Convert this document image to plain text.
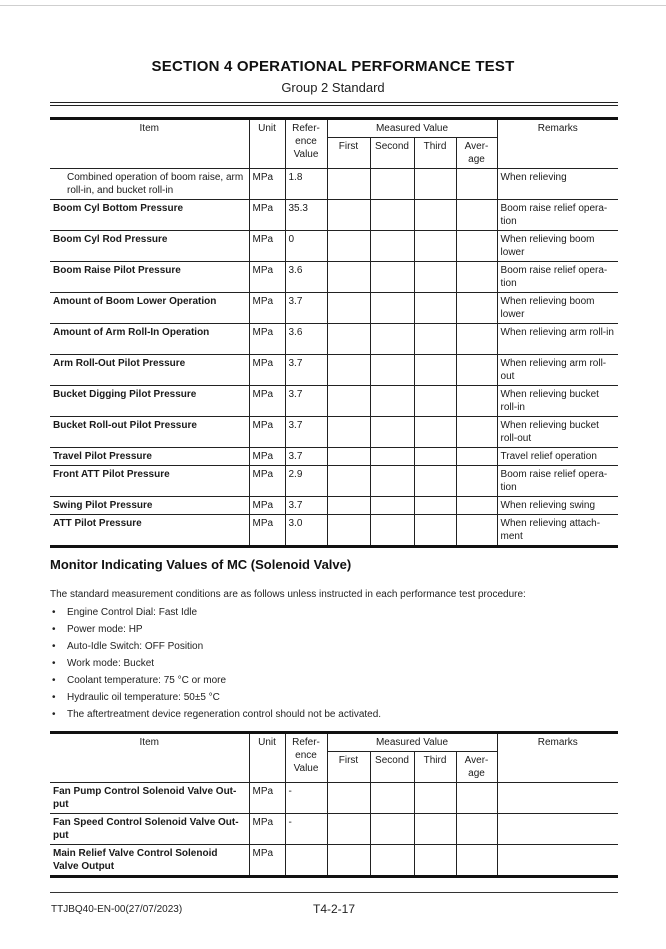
SECTION 4 OPERATIONAL PERFORMANCE TEST
Group 2 Standard
Item	Unit	Refer-ence Value	Measured Value				Remarks
			First	Second	Third	Aver-age	
Combined operation of boom raise, arm roll-in, and bucket roll-in	MPa	1.8					When relieving
Boom Cyl Bottom Pressure	MPa	35.3					Boom raise relief opera-tion
Boom Cyl Rod Pressure	MPa	0					When relieving boom lower
Boom Raise Pilot Pressure	MPa	3.6					Boom raise relief opera-tion
Amount of Boom Lower Operation	MPa	3.7					When relieving boom lower
Amount of Arm Roll-In Operation	MPa	3.6					When relieving arm roll-in
Arm Roll-Out Pilot Pressure	MPa	3.7					When relieving arm roll-out
Bucket Digging Pilot Pressure	MPa	3.7					When relieving bucket roll-in
Bucket Roll-out Pilot Pressure	MPa	3.7					When relieving bucket roll-out
Travel Pilot Pressure	MPa	3.7					Travel relief operation
Front ATT Pilot Pressure	MPa	2.9					Boom raise relief opera-tion
Swing Pilot Pressure	MPa	3.7					When relieving swing
ATT Pilot Pressure	MPa	3.0					When relieving attach-ment
Monitor Indicating Values of MC (Solenoid Valve)
The standard measurement conditions are as follows unless instructed in each performance test procedure:
• Engine Control Dial: Fast Idle
• Power mode: HP
• Auto-Idle Switch: OFF Position
• Work mode: Bucket
• Coolant temperature: 75 °C or more
• Hydraulic oil temperature: 50±5 °C
• The aftertreatment device regeneration control should not be activated.
Item	Unit	Refer-ence Value	Measured Value				Remarks
			First	Second	Third	Aver-age	
Fan Pump Control Solenoid Valve Out-put	MPa	-					
Fan Speed Control Solenoid Valve Out-put	MPa	-					
Main Relief Valve Control Solenoid Valve Output	MPa						
TTJBQ40-EN-00(27/07/2023)	T4-2-17
